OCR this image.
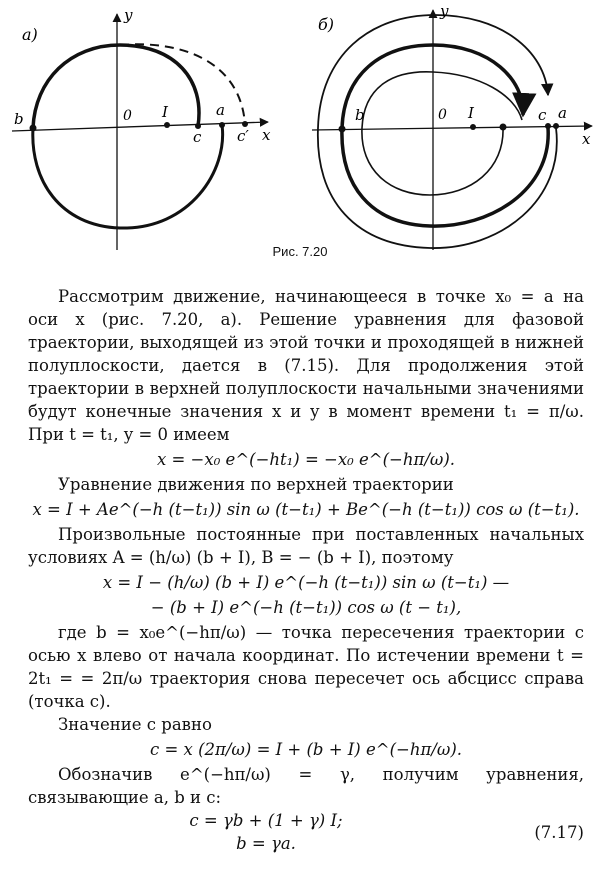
а)
y
x
0
b	I
c
a
c′
б)
y
x
0
b	I	c a
Рис. 7.20

Рассмотрим движение, начинающееся в точке x₀ = a на оси x (рис. 7.20, а). Решение уравнения для фазовой траектории, выходящей из этой точки и проходящей в нижней полуплоскости, дается в (7.15). Для продолжения этой траектории в верхней полуплоскости начальными значениями будут конечные значения x и y в момент времени t₁ = π/ω. При t = t₁, y = 0 имеем

x = −x₀ e^(−ht₁) = −x₀ e^(−hπ/ω).

Уравнение движения по верхней траектории

x = I + Ae^(−h (t−t₁)) sin ω (t−t₁) + Be^(−h (t−t₁)) cos ω (t−t₁).

Произвольные постоянные при поставленных начальных условиях A = (h/ω) (b + I), B = − (b + I), поэтому

x = I − (h/ω) (b + I) e^(−h (t−t₁)) sin ω (t−t₁) —
− (b + I) e^(−h (t−t₁)) cos ω (t − t₁),

где b = x₀e^(−hπ/ω) — точка пересечения траектории с осью x влево от начала координат. По истечении времени t = 2t₁ = = 2π/ω траектория снова пересечет ось абсцисс справа (точка c).

Значение c равно

c = x (2π/ω) = I + (b + I) e^(−hπ/ω).

Обозначив e^(−hπ/ω) = γ, получим уравнения, связывающие a, b и c:

c = γb + (1 + γ) I;
b = γa.
(7.17)
